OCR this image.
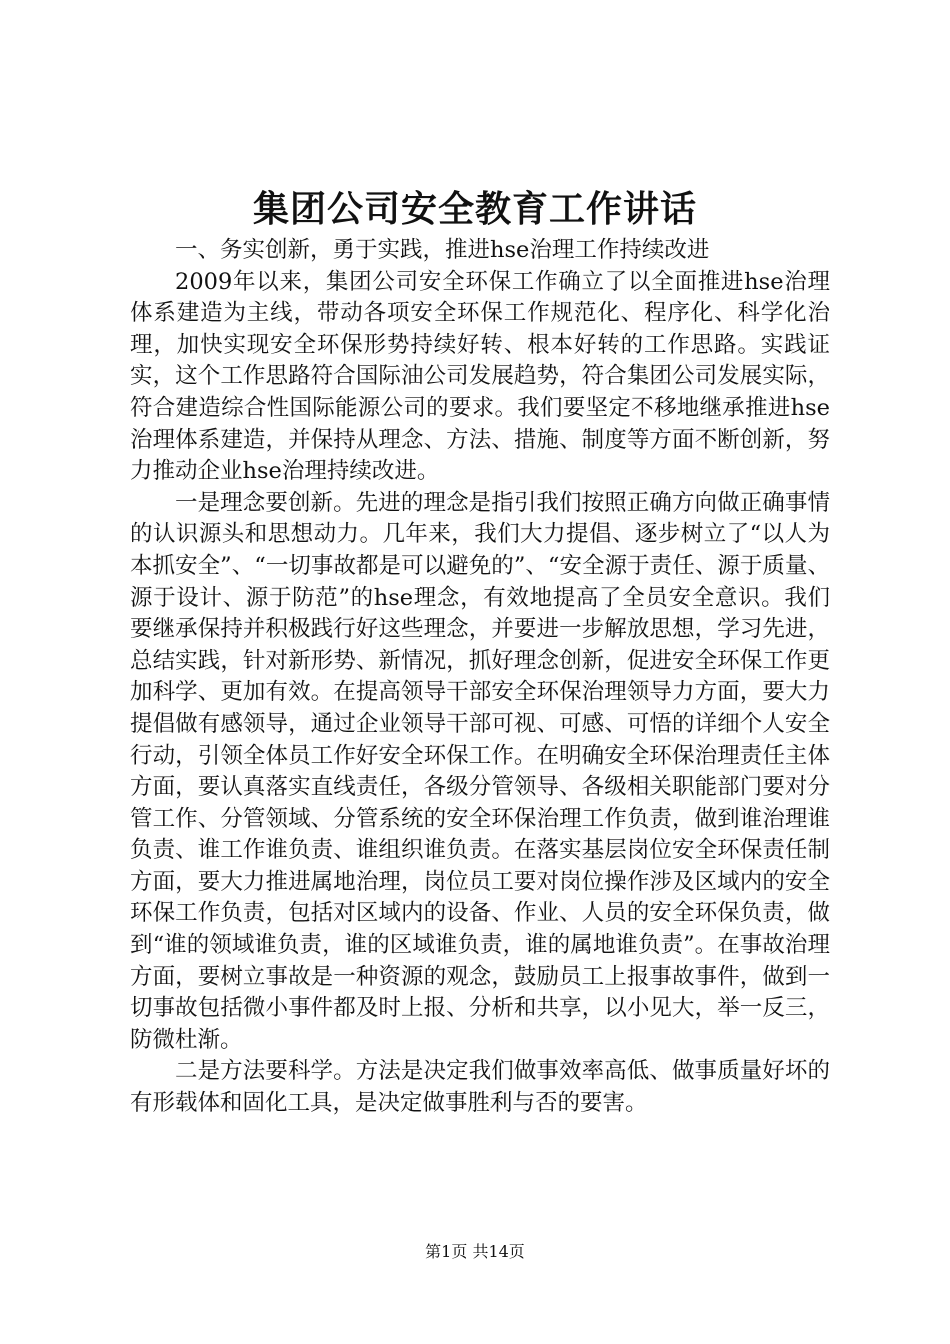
集团公司安全教育工作讲话

一、务实创新，勇于实践，推进hse治理工作持续改进

2009年以来，集团公司安全环保工作确立了以全面推进hse治理体系建造为主线，带动各项安全环保工作规范化、程序化、科学化治理，加快实现安全环保形势持续好转、根本好转的工作思路。实践证实，这个工作思路符合国际油公司发展趋势，符合集团公司发展实际，符合建造综合性国际能源公司的要求。我们要坚定不移地继承推进hse治理体系建造，并保持从理念、方法、措施、制度等方面不断创新，努力推动企业hse治理持续改进。

一是理念要创新。先进的理念是指引我们按照正确方向做正确事情的认识源头和思想动力。几年来，我们大力提倡、逐步树立了“以人为本抓安全”、“一切事故都是可以避免的”、“安全源于责任、源于质量、源于设计、源于防范”的hse理念，有效地提高了全员安全意识。我们要继承保持并积极践行好这些理念，并要进一步解放思想，学习先进，总结实践，针对新形势、新情况，抓好理念创新，促进安全环保工作更加科学、更加有效。在提高领导干部安全环保治理领导力方面，要大力提倡做有感领导，通过企业领导干部可视、可感、可悟的详细个人安全行动，引领全体员工作好安全环保工作。在明确安全环保治理责任主体方面，要认真落实直线责任，各级分管领导、各级相关职能部门要对分管工作、分管领域、分管系统的安全环保治理工作负责，做到谁治理谁负责、谁工作谁负责、谁组织谁负责。在落实基层岗位安全环保责任制方面，要大力推进属地治理，岗位员工要对岗位操作涉及区域内的安全环保工作负责，包括对区域内的设备、作业、人员的安全环保负责，做到“谁的领域谁负责，谁的区域谁负责，谁的属地谁负责”。在事故治理方面，要树立事故是一种资源的观念，鼓励员工上报事故事件，做到一切事故包括微小事件都及时上报、分析和共享，以小见大，举一反三，防微杜渐。

二是方法要科学。方法是决定我们做事效率高低、做事质量好坏的有形载体和固化工具，是决定做事胜利与否的要害。

第1页 共14页
